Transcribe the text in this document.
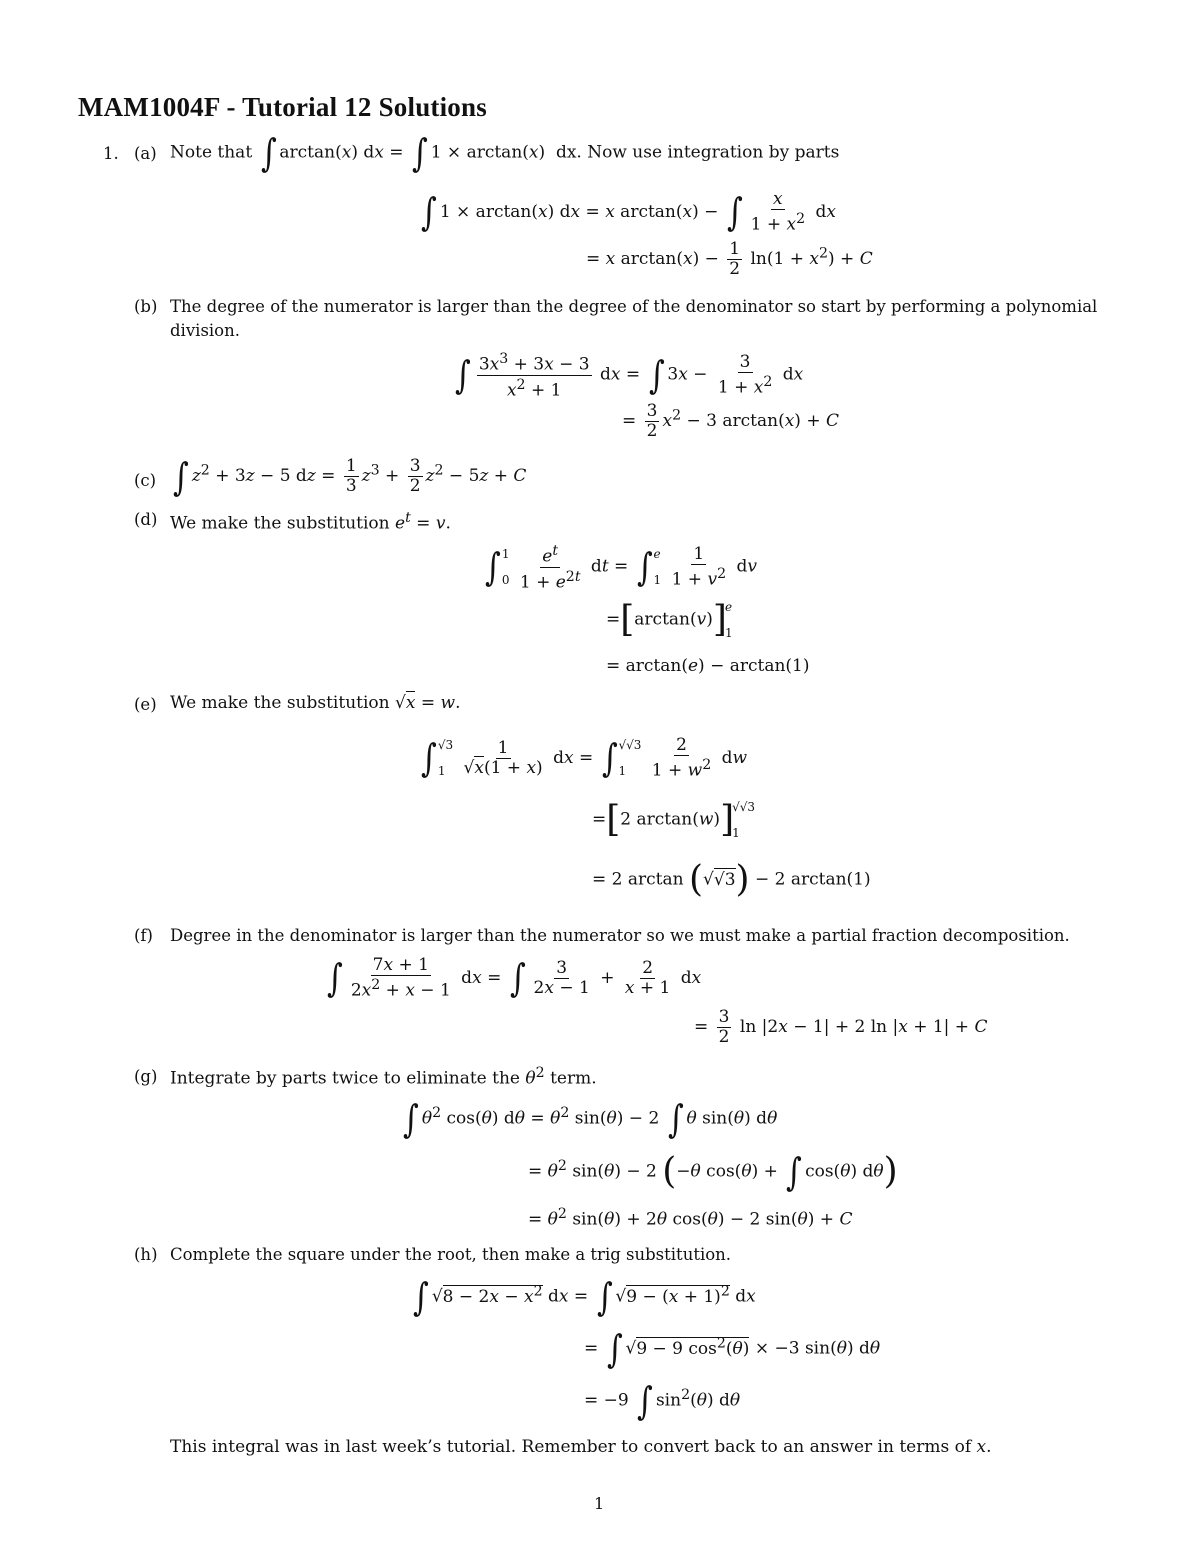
MAM1004F - Tutorial 12 Solutions
1. (a) Note that ∫ arctan(x) dx = ∫ 1 × arctan(x)  dx. Now use integration by parts
∫ 1 × arctan(x) dx = x arctan(x) − ∫ $\frac{x}{1 + x^2}$ dx
= x $\arctan(x) - \frac{1}{2} \ln(1 + x^2) + C$
(b) The degree of the numerator is larger than the degree of the denominator so start by performing a polynomial
division.
∫ $\frac{3x^3 + 3x - 3}{x^2 + 1}$ dx = ∫ $3x - \frac{3}{1 + x^2}$ dx
= $\frac{3}{2} x^2 - 3$ arctan(x) + C
(c) ∫ $z^2 + 3z - 5$ dz = $\frac{1}{3} z^3 + \frac{3}{2} z^2 - 5z + C$
(d) We make the substitution $e^t = v$.
∫ 1
0
$\frac{e^t}{1 + e^{2t}}$ dt = ∫ e
1
$\frac{1}{1 + v^2}$ dv
=[arctan(v)]
e
1
= arctan(e) − arctan(1)
(e) We make the substitution √x = w.
∫ √3
1
$\frac{1}{√x(1 + x)}$ dx = ∫ √√3
1
	$\frac{2}{1 + w^2}$ dw
=[2 arctan(w)]
√√3
1
= 2 arctan (√√3) − 2 arctan(1)
(f) Degree in the denominator is larger than the numerator so we must make a partial fraction decomposition.
∫ $\frac{7x + 1}{2x^2 + x - 1}$ dx = ∫ $\frac{3}{2x - 1} + \frac{2}{x + 1}$ dx
= $\frac{3}{2}$ ln |2x − 1| + 2 ln |x + 1| + C
(g) Integrate by parts twice to eliminate the $\theta^2$ term.
∫ $\theta^2$ cos(θ) $d\theta = \theta^2$ sin(θ) − 2 ∫ θ sin(θ) dθ
= $\theta^2$ sin(θ) − 2 (−θ cos(θ) + ∫ cos(θ) dθ)
= $\theta^2$ sin(θ) + 2θ cos(θ) − 2 sin(θ) + C
(h) Complete the square under the root, then make a trig substitution.
∫ $√8 - 2x - x^2$ dx = ∫ $√9 - (x + 1)^2$ dx
= ∫ √9 − 9 $\cos^2(\theta) \times -3$ sin(θ) dθ
= −9 ∫ $\sin^2(\theta)$ dθ
This integral was in last week’s tutorial. Remember to convert back to an answer in terms of x.
1
